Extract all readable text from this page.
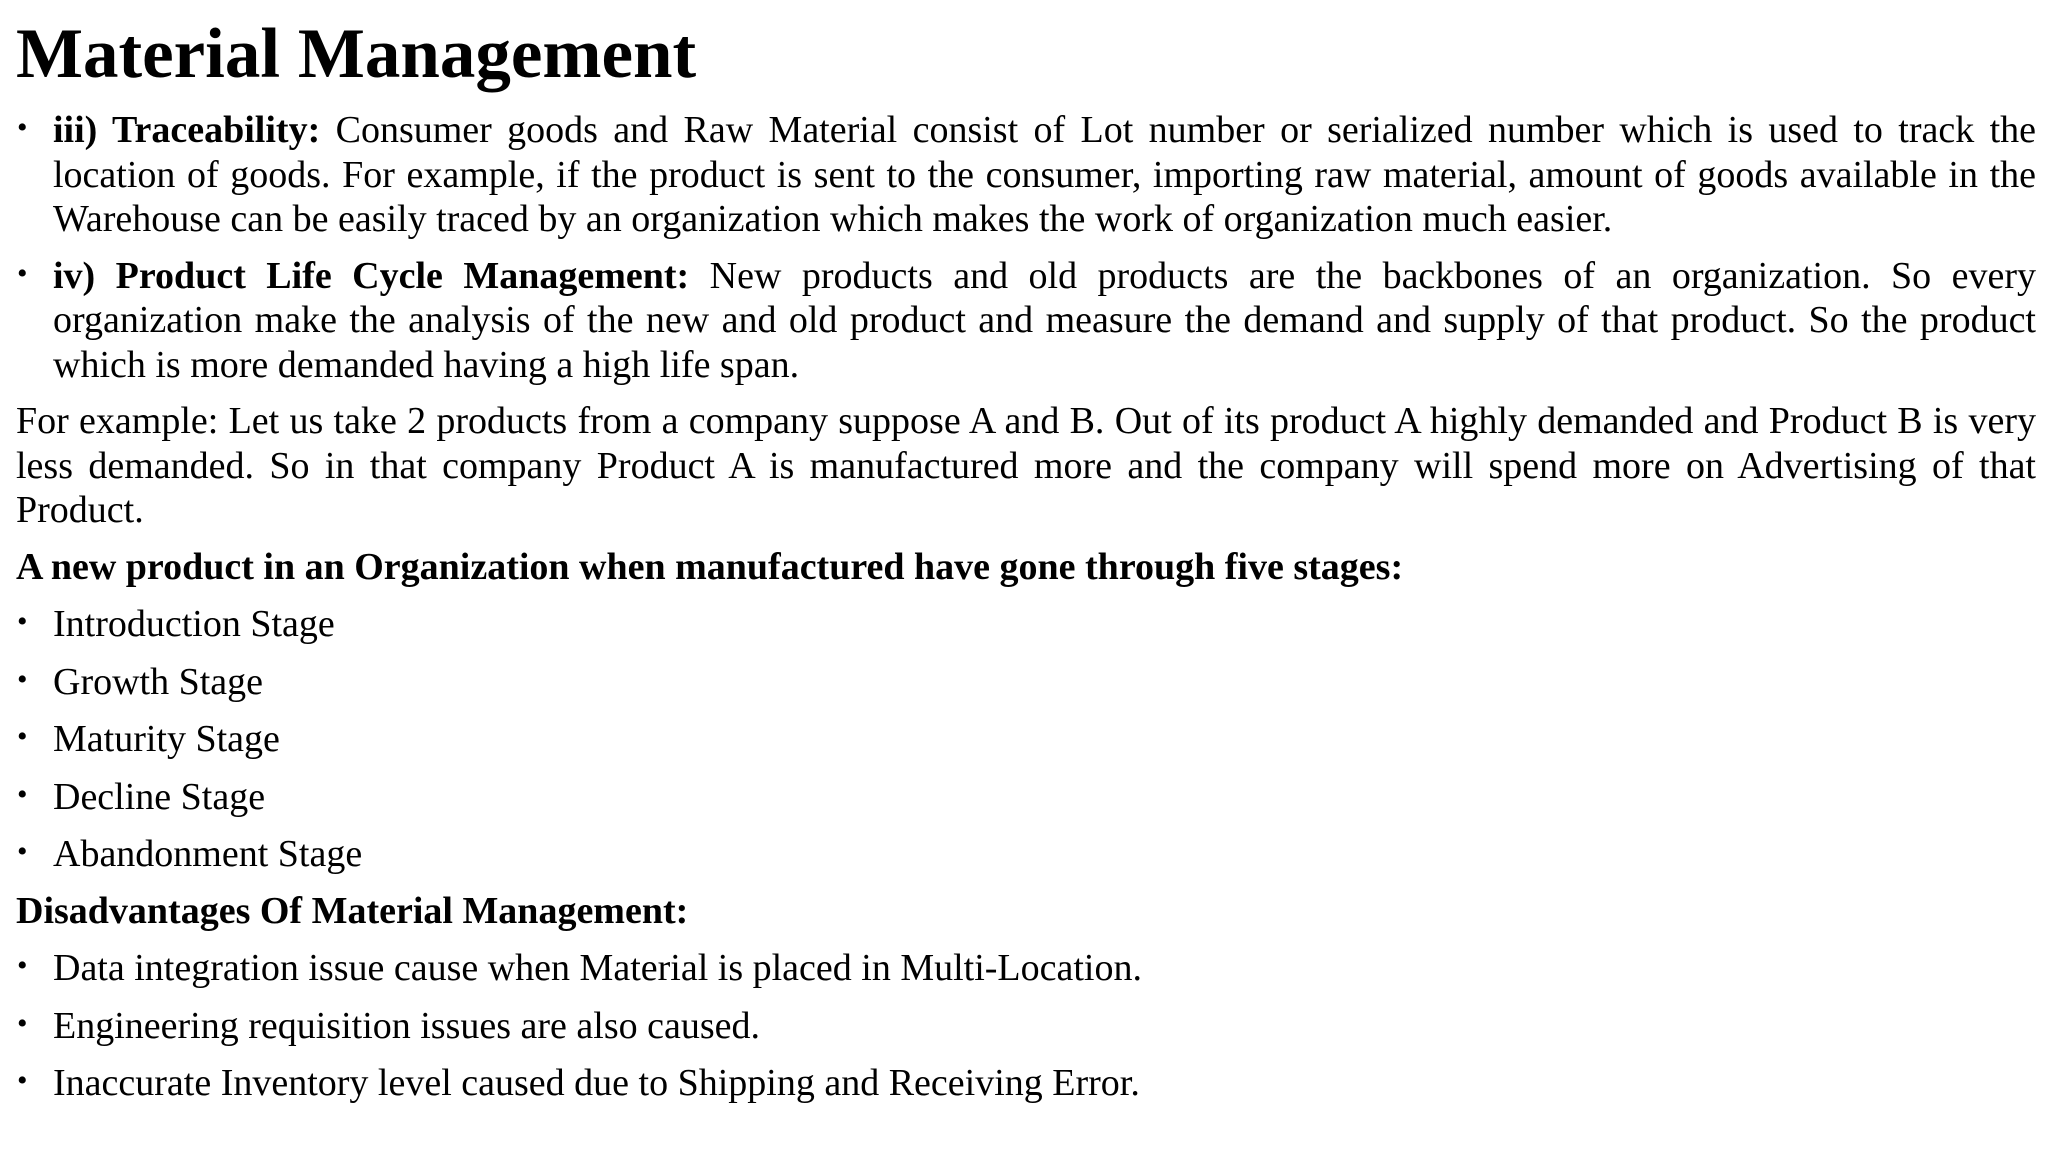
Material Management
• iii) Traceability: Consumer goods and Raw Material consist of Lot number or serialized number which is used to track the location of goods. For example, if the product is sent to the consumer, importing raw material, amount of goods available in the Warehouse can be easily traced by an organization which makes the work of organization much easier.
• iv) Product Life Cycle Management: New products and old products are the backbones of an organization. So every organization make the analysis of the new and old product and measure the demand and supply of that product. So the product which is more demanded having a high life span.

For example: Let us take 2 products from a company suppose A and B. Out of its product A highly demanded and Product B is very less demanded. So in that company Product A is manufactured more and the company will spend more on Advertising of that Product.

A new product in an Organization when manufactured have gone through five stages:

• Introduction Stage
• Growth Stage
• Maturity Stage
• Decline Stage
• Abandonment Stage

Disadvantages Of Material Management:

• Data integration issue cause when Material is placed in Multi-Location.
• Engineering requisition issues are also caused.
• Inaccurate Inventory level caused due to Shipping and Receiving Error.
